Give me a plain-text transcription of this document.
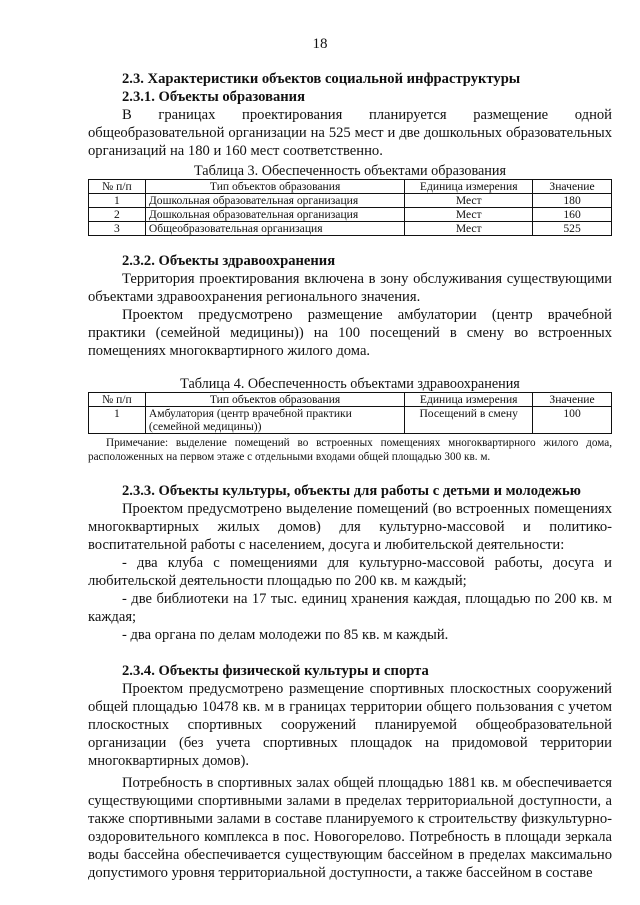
18

2.3. Характеристики объектов социальной инфраструктуры

2.3.1. Объекты образования

В границах проектирования планируется размещение одной общеобразовательной организации на 525 мест и две дошкольных образовательных организаций на 180 и 160 мест соответственно.

Таблица 3. Обеспеченность объектами образования

№ п/п	Тип объектов образования	Единица измерения	Значение
1	Дошкольная образовательная организация	Мест	180
2	Дошкольная образовательная организация	Мест	160
3	Общеобразовательная организация	Мест	525

2.3.2. Объекты здравоохранения

Территория проектирования включена в зону обслуживания существующими объектами здравоохранения регионального значения.

Проектом предусмотрено размещение амбулатории (центр врачебной практики (семейной медицины)) на 100 посещений в смену во встроенных помещениях многоквартирного жилого дома.

Таблица 4. Обеспеченность объектами здравоохранения

№ п/п	Тип объектов образования	Единица измерения	Значение
1	Амбулатория (центр врачебной практики (семейной медицины))	Посещений в смену	100

Примечание: выделение помещений во встроенных помещениях многоквартирного жилого дома, расположенных на первом этаже с отдельными входами общей площадью 300 кв. м.

2.3.3. Объекты культуры, объекты для работы с детьми и молодежью

Проектом предусмотрено выделение помещений (во встроенных помещениях многоквартирных жилых домов) для культурно-массовой и политико-воспитательной работы с населением, досуга и любительской деятельности:

- два клуба с помещениями для культурно-массовой работы, досуга и любительской деятельности площадью по 200 кв. м каждый;

- две библиотеки на 17 тыс. единиц хранения каждая, площадью по 200 кв. м каждая;

- два органа по делам молодежи по 85 кв. м каждый.

2.3.4. Объекты физической культуры и спорта

Проектом предусмотрено размещение спортивных плоскостных сооружений общей площадью 10478 кв. м в границах территории общего пользования с учетом плоскостных спортивных сооружений планируемой общеобразовательной организации (без учета спортивных площадок на придомовой территории многоквартирных домов).

Потребность в спортивных залах общей площадью 1881 кв. м обеспечивается существующими спортивными залами в пределах территориальной доступности, а также спортивными залами в составе планируемого к строительству физкультурно-оздоровительного комплекса в пос. Новогорелово. Потребность в площади зеркала воды бассейна обеспечивается существующим бассейном в пределах максимально допустимого уровня территориальной доступности, а также бассейном в составе
